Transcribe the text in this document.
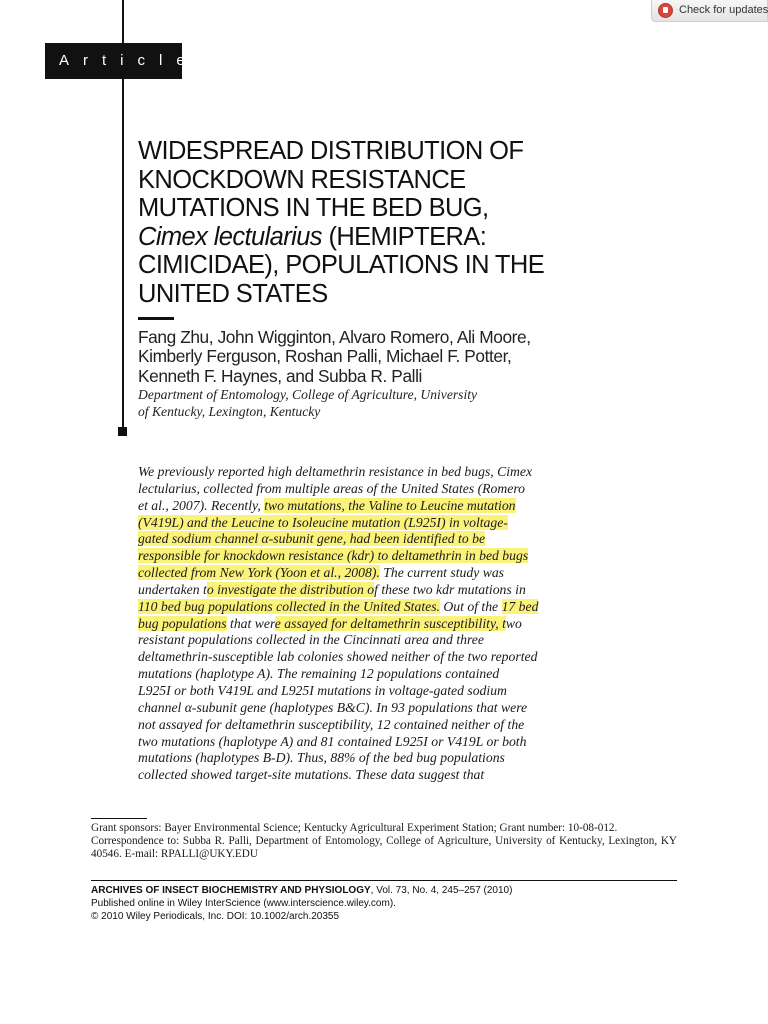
Article
Check for updates
WIDESPREAD DISTRIBUTION OF
KNOCKDOWN RESISTANCE
MUTATIONS IN THE BED BUG,
Cimex lectularius (HEMIPTERA:
CIMICIDAE), POPULATIONS IN THE
UNITED STATES
Fang Zhu, John Wigginton, Alvaro Romero, Ali Moore,
Kimberly Ferguson, Roshan Palli, Michael F. Potter,
Kenneth F. Haynes, and Subba R. Palli
Department of Entomology, College of Agriculture, University
of Kentucky, Lexington, Kentucky
We previously reported high deltamethrin resistance in bed bugs, Cimex
lectularius, collected from multiple areas of the United States (Romero
et al., 2007). Recently, two mutations, the Valine to Leucine mutation
(V419L) and the Leucine to Isoleucine mutation (L925I) in voltage-
gated sodium channel α-subunit gene, had been identified to be
responsible for knockdown resistance (kdr) to deltamethrin in bed bugs
collected from New York (Yoon et al., 2008). The current study was
undertaken to investigate the distribution of these two kdr mutations in
110 bed bug populations collected in the United States. Out of the 17 bed
bug populations that were assayed for deltamethrin susceptibility, two
resistant populations collected in the Cincinnati area and three
deltamethrin-susceptible lab colonies showed neither of the two reported
mutations (haplotype A). The remaining 12 populations contained
L925I or both V419L and L925I mutations in voltage-gated sodium
channel α-subunit gene (haplotypes B&C). In 93 populations that were
not assayed for deltamethrin susceptibility, 12 contained neither of the
two mutations (haplotype A) and 81 contained L925I or V419L or both
mutations (haplotypes B-D). Thus, 88% of the bed bug populations
collected showed target-site mutations. These data suggest that

Grant sponsors: Bayer Environmental Science; Kentucky Agricultural Experiment Station; Grant number: 10-08-012.

Correspondence to: Subba R. Palli, Department of Entomology, College of Agriculture, University of Kentucky, Lexington, KY 40546. E-mail: RPALLI@UKY.EDU

ARCHIVES OF INSECT BIOCHEMISTRY AND PHYSIOLOGY, Vol. 73, No. 4, 245–257 (2010)

Published online in Wiley InterScience (www.interscience.wiley.com).

© 2010 Wiley Periodicals, Inc. DOI: 10.1002/arch.20355
